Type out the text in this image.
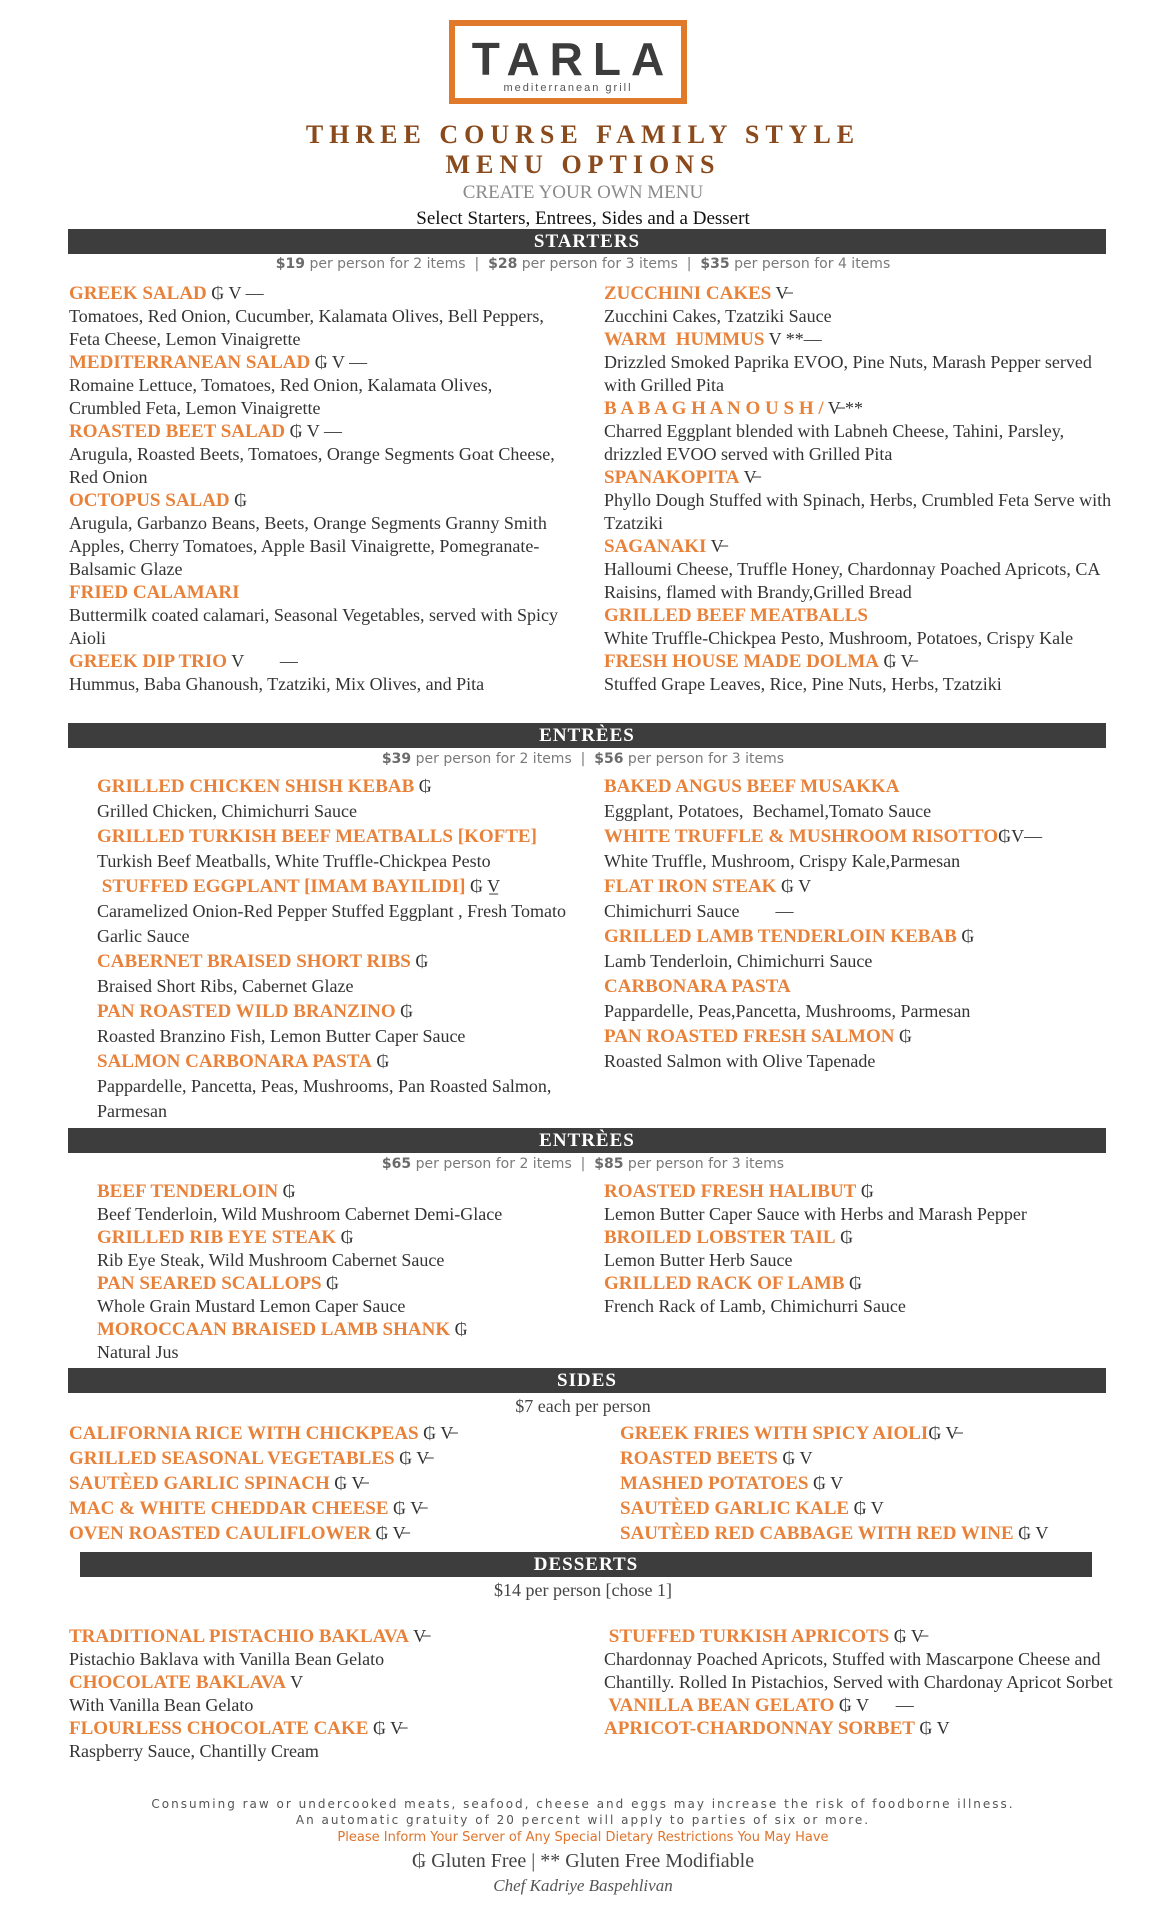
TARLA
mediterranean grill
THREE COURSE FAMILY STYLE
MENU OPTIONS
CREATE YOUR OWN MENU
Select Starters, Entrees, Sides and a Dessert
STARTERS
$19 per person for 2 items  |  $28 per person for 3 items  |  $35 per person for 4 items
GREEK SALAD ₲ V —
Tomatoes, Red Onion, Cucumber, Kalamata Olives, Bell Peppers, Feta Cheese, Lemon Vinaigrette
MEDITERRANEAN SALAD ₲ V —
Romaine Lettuce, Tomatoes, Red Onion, Kalamata Olives, Crumbled Feta, Lemon Vinaigrette
ROASTED BEET SALAD ₲ V —
Arugula, Roasted Beets, Tomatoes, Orange Segments Goat Cheese, Red Onion
OCTOPUS SALAD ₲
Arugula, Garbanzo Beans, Beets, Orange Segments Granny Smith Apples, Cherry Tomatoes, Apple Basil Vinaigrette, Pomegranate-Balsamic Glaze
FRIED CALAMARI
Buttermilk coated calamari, Seasonal Vegetables, served with Spicy Aioli
GREEK DIP TRIO V        —
Hummus, Baba Ghanoush, Tzatziki, Mix Olives, and Pita
ZUCCHINI CAKES V̶
Zucchini Cakes, Tzatziki Sauce
WARM  HUMMUS V **—
Drizzled Smoked Paprika EVOO, Pine Nuts, Marash Pepper served with Grilled Pita
B A B A G H A N O U S H / V̶ **
Charred Eggplant blended with Labneh Cheese, Tahini, Parsley, drizzled EVOO served with Grilled Pita
SPANAKOPITA V̶
Phyllo Dough Stuffed with Spinach, Herbs, Crumbled Feta Serve with Tzatziki
SAGANAKI V̶
Halloumi Cheese, Truffle Honey, Chardonnay Poached Apricots, CA Raisins, flamed with Brandy,Grilled Bread
GRILLED BEEF MEATBALLS
White Truffle-Chickpea Pesto, Mushroom, Potatoes, Crispy Kale
FRESH HOUSE MADE DOLMA ₲ V̶
Stuffed Grape Leaves, Rice, Pine Nuts, Herbs, Tzatziki
ENTRÈES
$39 per person for 2 items  |  $56 per person for 3 items
GRILLED CHICKEN SHISH KEBAB ₲
Grilled Chicken, Chimichurri Sauce
GRILLED TURKISH BEEF MEATBALLS [KOFTE]
Turkish Beef Meatballs, White Truffle-Chickpea Pesto
STUFFED EGGPLANT [IMAM BAYILIDI] ₲ V̲
Caramelized Onion-Red Pepper Stuffed Eggplant , Fresh Tomato Garlic Sauce
CABERNET BRAISED SHORT RIBS ₲
Braised Short Ribs, Cabernet Glaze
PAN ROASTED WILD BRANZINO ₲
Roasted Branzino Fish, Lemon Butter Caper Sauce
SALMON CARBONARA PASTA ₲
Pappardelle, Pancetta, Peas, Mushrooms, Pan Roasted Salmon, Parmesan
BAKED ANGUS BEEF MUSAKKA
Eggplant, Potatoes,  Bechamel,Tomato Sauce
WHITE TRUFFLE & MUSHROOM RISOTTO₲V—
White Truffle, Mushroom, Crispy Kale,Parmesan
FLAT IRON STEAK ₲ V
Chimichurri Sauce        —
GRILLED LAMB TENDERLOIN KEBAB ₲
Lamb Tenderloin, Chimichurri Sauce
CARBONARA PASTA
Pappardelle, Peas,Pancetta, Mushrooms, Parmesan
PAN ROASTED FRESH SALMON ₲
Roasted Salmon with Olive Tapenade
ENTRÈES
$65 per person for 2 items  |  $85 per person for 3 items
BEEF TENDERLOIN ₲
Beef Tenderloin, Wild Mushroom Cabernet Demi-Glace
GRILLED RIB EYE STEAK ₲
Rib Eye Steak, Wild Mushroom Cabernet Sauce
PAN SEARED SCALLOPS ₲
Whole Grain Mustard Lemon Caper Sauce
MOROCCAAN BRAISED LAMB SHANK ₲
Natural Jus
ROASTED FRESH HALIBUT ₲
Lemon Butter Caper Sauce with Herbs and Marash Pepper
BROILED LOBSTER TAIL ₲
Lemon Butter Herb Sauce
GRILLED RACK OF LAMB ₲
French Rack of Lamb, Chimichurri Sauce
SIDES
$7 each per person
CALIFORNIA RICE WITH CHICKPEAS ₲ V̶
GRILLED SEASONAL VEGETABLES ₲ V̶
SAUTÈED GARLIC SPINACH ₲ V̶
MAC & WHITE CHEDDAR CHEESE ₲ V̶
OVEN ROASTED CAULIFLOWER ₲ V̶
GREEK FRIES WITH SPICY AIOLI₲ V̶
ROASTED BEETS ₲ V
MASHED POTATOES ₲ V
SAUTÈED GARLIC KALE ₲ V
SAUTÈED RED CABBAGE WITH RED WINE ₲ V
DESSERTS
$14 per person [chose 1]
TRADITIONAL PISTACHIO BAKLAVA V̶
Pistachio Baklava with Vanilla Bean Gelato
CHOCOLATE BAKLAVA V
With Vanilla Bean Gelato
FLOURLESS CHOCOLATE CAKE ₲ V̶
Raspberry Sauce, Chantilly Cream
STUFFED TURKISH APRICOTS ₲ V̶
Chardonnay Poached Apricots, Stuffed with Mascarpone Cheese and Chantilly. Rolled In Pistachios, Served with Chardonay Apricot Sorbet
VANILLA BEAN GELATO ₲ V      —
APRICOT-CHARDONNAY SORBET ₲ V
Consuming raw or undercooked meats, seafood, cheese and eggs may increase the risk of foodborne illness.
An automatic gratuity of 20 percent will apply to parties of six or more.
Please Inform Your Server of Any Special Dietary Restrictions You May Have
₲ Gluten Free | ** Gluten Free Modifiable
Chef Kadriye Baspehlivan
